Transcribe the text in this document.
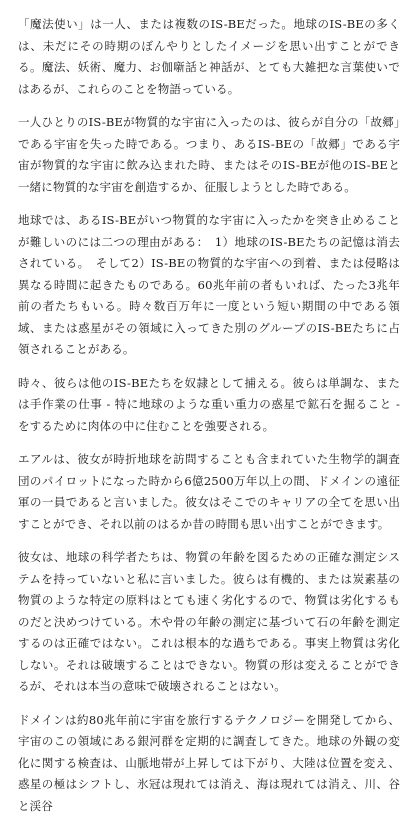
「魔法使い」は一人、または複数のIS-BEだった。地球のIS-BEの多くは、未だにその時期のぼんやりとしたイメージを思い出すことができる。魔法、妖術、魔力、お伽噺話と神話が、とても大雑把な言葉使いではあるが、これらのことを物語っている。

一人ひとりのIS-BEが物質的な宇宙に入ったのは、彼らが自分の「故郷」である宇宙を失った時である。つまり、あるIS-BEの「故郷」である宇宙が物質的な宇宙に飲み込まれた時、またはそのIS-BEが他のIS-BEと一緒に物質的な宇宙を創造するか、征服しようとした時である。

地球では、あるIS-BEがいつ物質的な宇宙に入ったかを突き止めることが難しいのには二つの理由がある：　1）地球のIS-BEたちの記憶は消去されている。　そして2）IS-BEの物質的な宇宙への到着、または侵略は異なる時間に起きたものである。60兆年前の者もいれば、たった3兆年前の者たちもいる。時々数百万年に一度という短い期間の中である領域、または惑星がその領域に入ってきた別のグループのIS-BEたちに占領されることがある。

時々、彼らは他のIS-BEたちを奴隷として捕える。彼らは単調な、または手作業の仕事 - 特に地球のような重い重力の惑星で鉱石を掘ること - をするために肉体の中に住むことを強要される。

エアルは、彼女が時折地球を訪問することも含まれていた生物学的調査団のパイロットになった時から6億2500万年以上の間、ドメインの遠征軍の一員であると言いました。彼女はそこでのキャリアの全てを思い出すことができ、それ以前のはるか昔の時間も思い出すことができます。

彼女は、地球の科学者たちは、物質の年齢を図るための正確な測定システムを持っていないと私に言いました。彼らは有機的、または炭素基の物質のような特定の原料はとても速く劣化するので、物質は劣化するものだと決めつけている。木や骨の年齢の測定に基づいて石の年齢を測定するのは正確ではない。これは根本的な過ちである。事実上物質は劣化しない。それは破壊することはできない。物質の形は変えることができるが、それは本当の意味で破壊されることはない。

ドメインは約80兆年前に宇宙を旅行するテクノロジーを開発してから、宇宙のこの領域にある銀河群を定期的に調査してきた。地球の外観の変化に関する検査は、山脈地帯が上昇しては下がり、大陸は位置を変え、惑星の極はシフトし、氷冠は現れては消え、海は現れては消え、川、谷と渓谷
